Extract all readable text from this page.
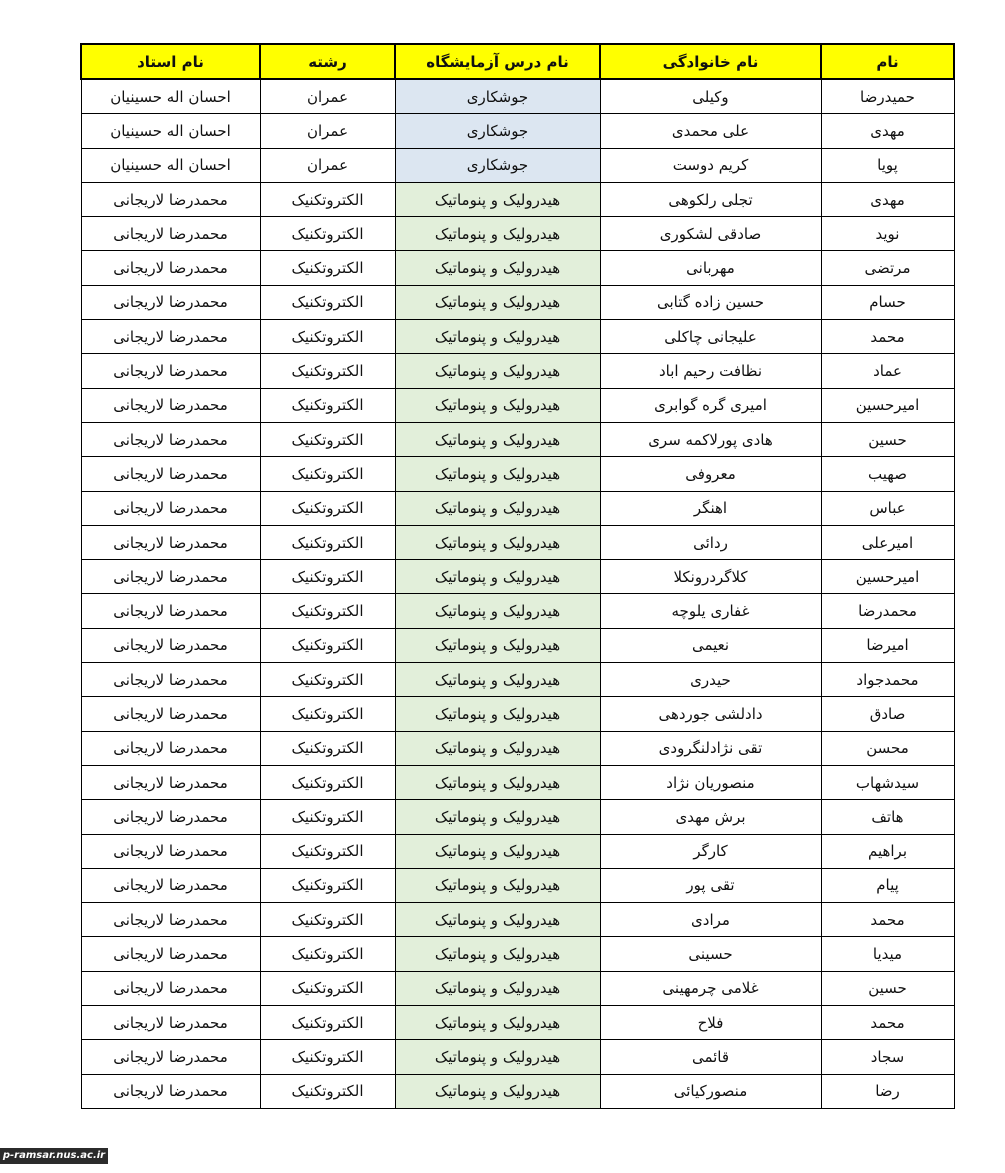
نام	نام خانوادگی	نام درس آزمایشگاه	رشته	نام استاد
حمیدرضا	وکیلی	جوشکاری	عمران	احسان اله حسینیان
مهدی	علی محمدی	جوشکاری	عمران	احسان اله حسینیان
پویا	کریم دوست	جوشکاری	عمران	احسان اله حسینیان
مهدی	تجلی رلکوهی	هیدرولیک و پنوماتیک	الکتروتکنیک	محمدرضا لاریجانی
نوید	صادقی لشکوری	هیدرولیک و پنوماتیک	الکتروتکنیک	محمدرضا لاریجانی
مرتضی	مهربانی	هیدرولیک و پنوماتیک	الکتروتکنیک	محمدرضا لاریجانی
حسام	حسین زاده گتابی	هیدرولیک و پنوماتیک	الکتروتکنیک	محمدرضا لاریجانی
محمد	علیجانی چاکلی	هیدرولیک و پنوماتیک	الکتروتکنیک	محمدرضا لاریجانی
عماد	نظافت رحیم اباد	هیدرولیک و پنوماتیک	الکتروتکنیک	محمدرضا لاریجانی
امیرحسین	امیری گره گوابری	هیدرولیک و پنوماتیک	الکتروتکنیک	محمدرضا لاریجانی
حسین	هادی پورلاکمه سری	هیدرولیک و پنوماتیک	الکتروتکنیک	محمدرضا لاریجانی
صهیب	معروفی	هیدرولیک و پنوماتیک	الکتروتکنیک	محمدرضا لاریجانی
عباس	اهنگر	هیدرولیک و پنوماتیک	الکتروتکنیک	محمدرضا لاریجانی
امیرعلی	ردائی	هیدرولیک و پنوماتیک	الکتروتکنیک	محمدرضا لاریجانی
امیرحسین	کلاگردرونکلا	هیدرولیک و پنوماتیک	الکتروتکنیک	محمدرضا لاریجانی
محمدرضا	غفاری یلوچه	هیدرولیک و پنوماتیک	الکتروتکنیک	محمدرضا لاریجانی
امیرضا	نعیمی	هیدرولیک و پنوماتیک	الکتروتکنیک	محمدرضا لاریجانی
محمدجواد	حیدری	هیدرولیک و پنوماتیک	الکتروتکنیک	محمدرضا لاریجانی
صادق	دادلشی جوردهی	هیدرولیک و پنوماتیک	الکتروتکنیک	محمدرضا لاریجانی
محسن	تقی نژادلنگرودی	هیدرولیک و پنوماتیک	الکتروتکنیک	محمدرضا لاریجانی
سیدشهاب	منصوریان نژاد	هیدرولیک و پنوماتیک	الکتروتکنیک	محمدرضا لاریجانی
هاتف	برش مهدی	هیدرولیک و پنوماتیک	الکتروتکنیک	محمدرضا لاریجانی
براهیم	کارگر	هیدرولیک و پنوماتیک	الکتروتکنیک	محمدرضا لاریجانی
پیام	تقی پور	هیدرولیک و پنوماتیک	الکتروتکنیک	محمدرضا لاریجانی
محمد	مرادی	هیدرولیک و پنوماتیک	الکتروتکنیک	محمدرضا لاریجانی
میدیا	حسینی	هیدرولیک و پنوماتیک	الکتروتکنیک	محمدرضا لاریجانی
حسین	غلامی چرمهینی	هیدرولیک و پنوماتیک	الکتروتکنیک	محمدرضا لاریجانی
محمد	فلاح	هیدرولیک و پنوماتیک	الکتروتکنیک	محمدرضا لاریجانی
سجاد	قائمی	هیدرولیک و پنوماتیک	الکتروتکنیک	محمدرضا لاریجانی
رضا	منصورکیائی	هیدرولیک و پنوماتیک	الکتروتکنیک	محمدرضا لاریجانی
p-ramsar.nus.ac.ir
